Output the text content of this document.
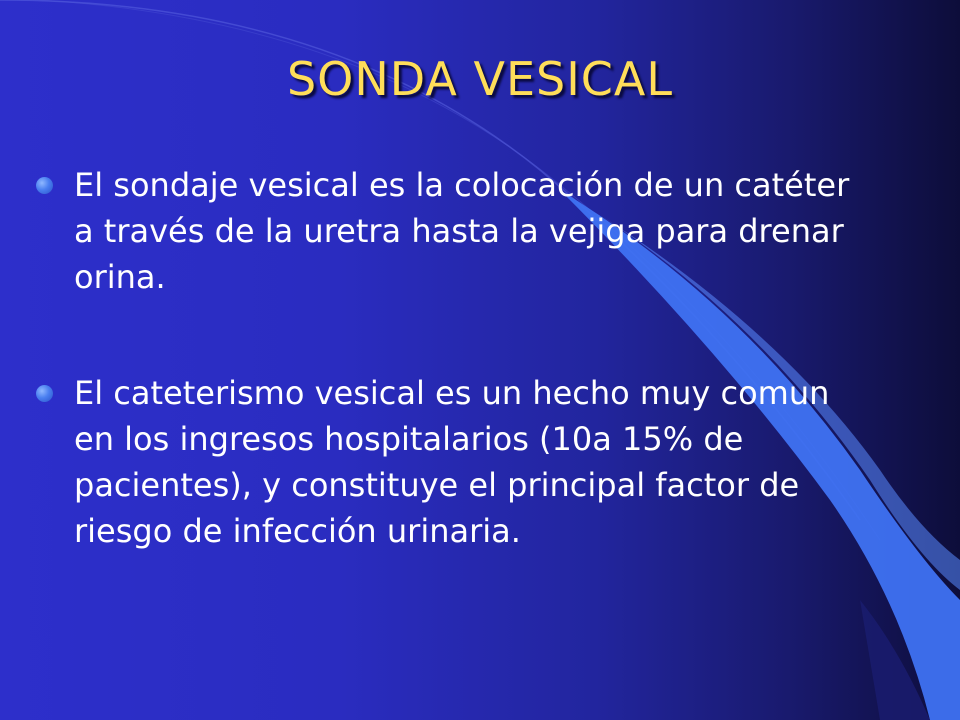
SONDA VESICAL
El sondaje vesical es la colocación de un catéter a través de la uretra hasta la vejiga para drenar orina.
El cateterismo vesical es un hecho muy comun en los ingresos hospitalarios (10a 15% de pacientes), y constituye el principal factor de riesgo de infección urinaria.
